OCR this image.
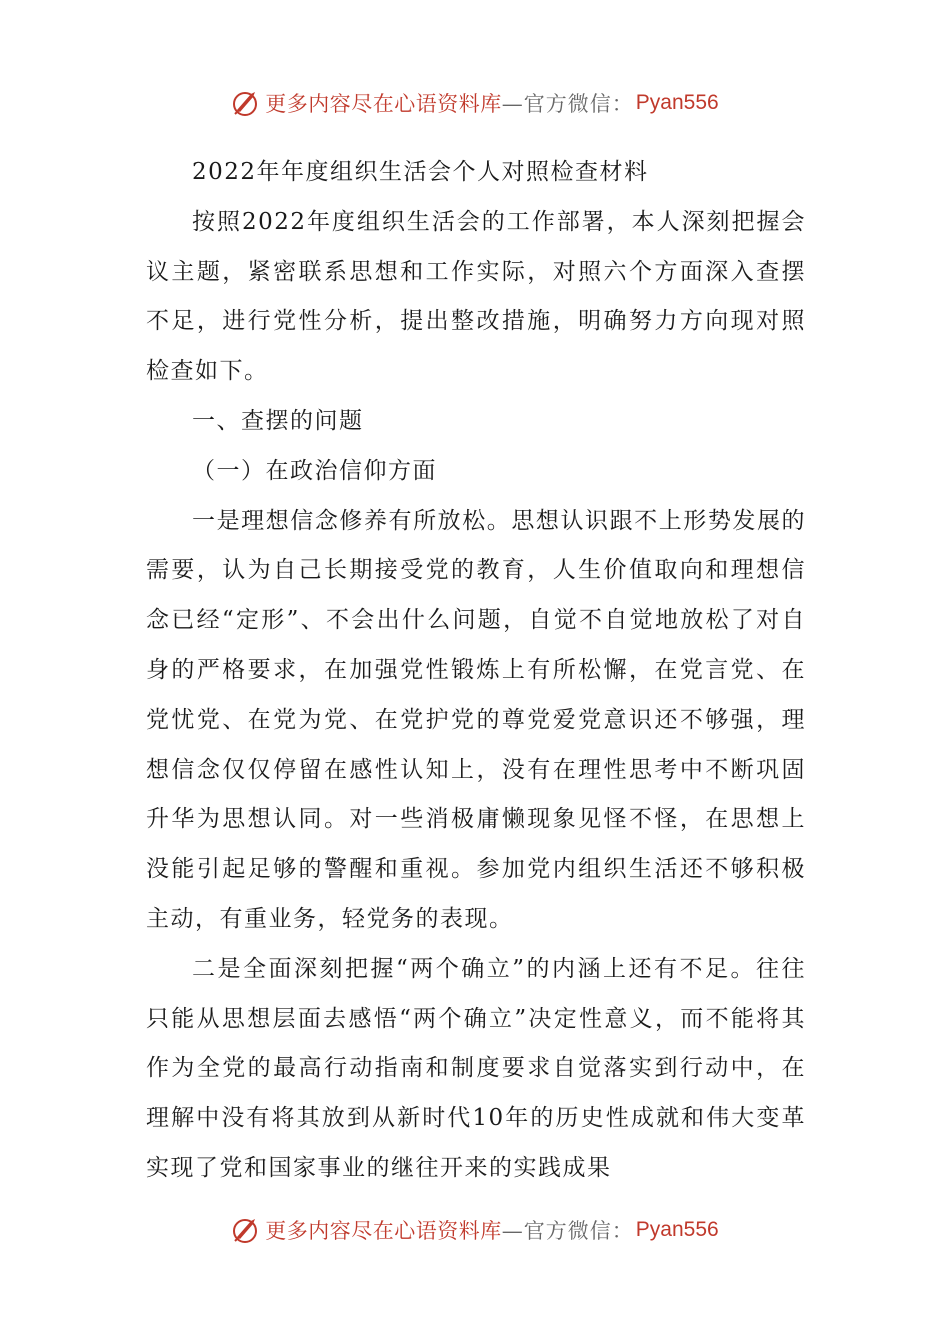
更多内容尽在心语资料库 —官方微信： Pyan556

2022年年度组织生活会个人对照检查材料

按照2022年度组织生活会的工作部署，本人深刻把握会议主题，紧密联系思想和工作实际，对照六个方面深入查摆不足，进行党性分析，提出整改措施，明确努力方向现对照检查如下。

一、查摆的问题

（一）在政治信仰方面

一是理想信念修养有所放松。思想认识跟不上形势发展的需要，认为自己长期接受党的教育，人生价值取向和理想信念已经“定形”、不会出什么问题，自觉不自觉地放松了对自身的严格要求，在加强党性锻炼上有所松懈，在党言党、在党忧党、在党为党、在党护党的尊党爱党意识还不够强，理想信念仅仅停留在感性认知上，没有在理性思考中不断巩固升华为思想认同。对一些消极庸懒现象见怪不怪，在思想上没能引起足够的警醒和重视。参加党内组织生活还不够积极主动，有重业务，轻党务的表现。

二是全面深刻把握“两个确立”的内涵上还有不足。往往只能从思想层面去感悟“两个确立”决定性意义，而不能将其作为全党的最高行动指南和制度要求自觉落实到行动中，在理解中没有将其放到从新时代10年的历史性成就和伟大变革实现了党和国家事业的继往开来的实践成果

更多内容尽在心语资料库 —官方微信： Pyan556
